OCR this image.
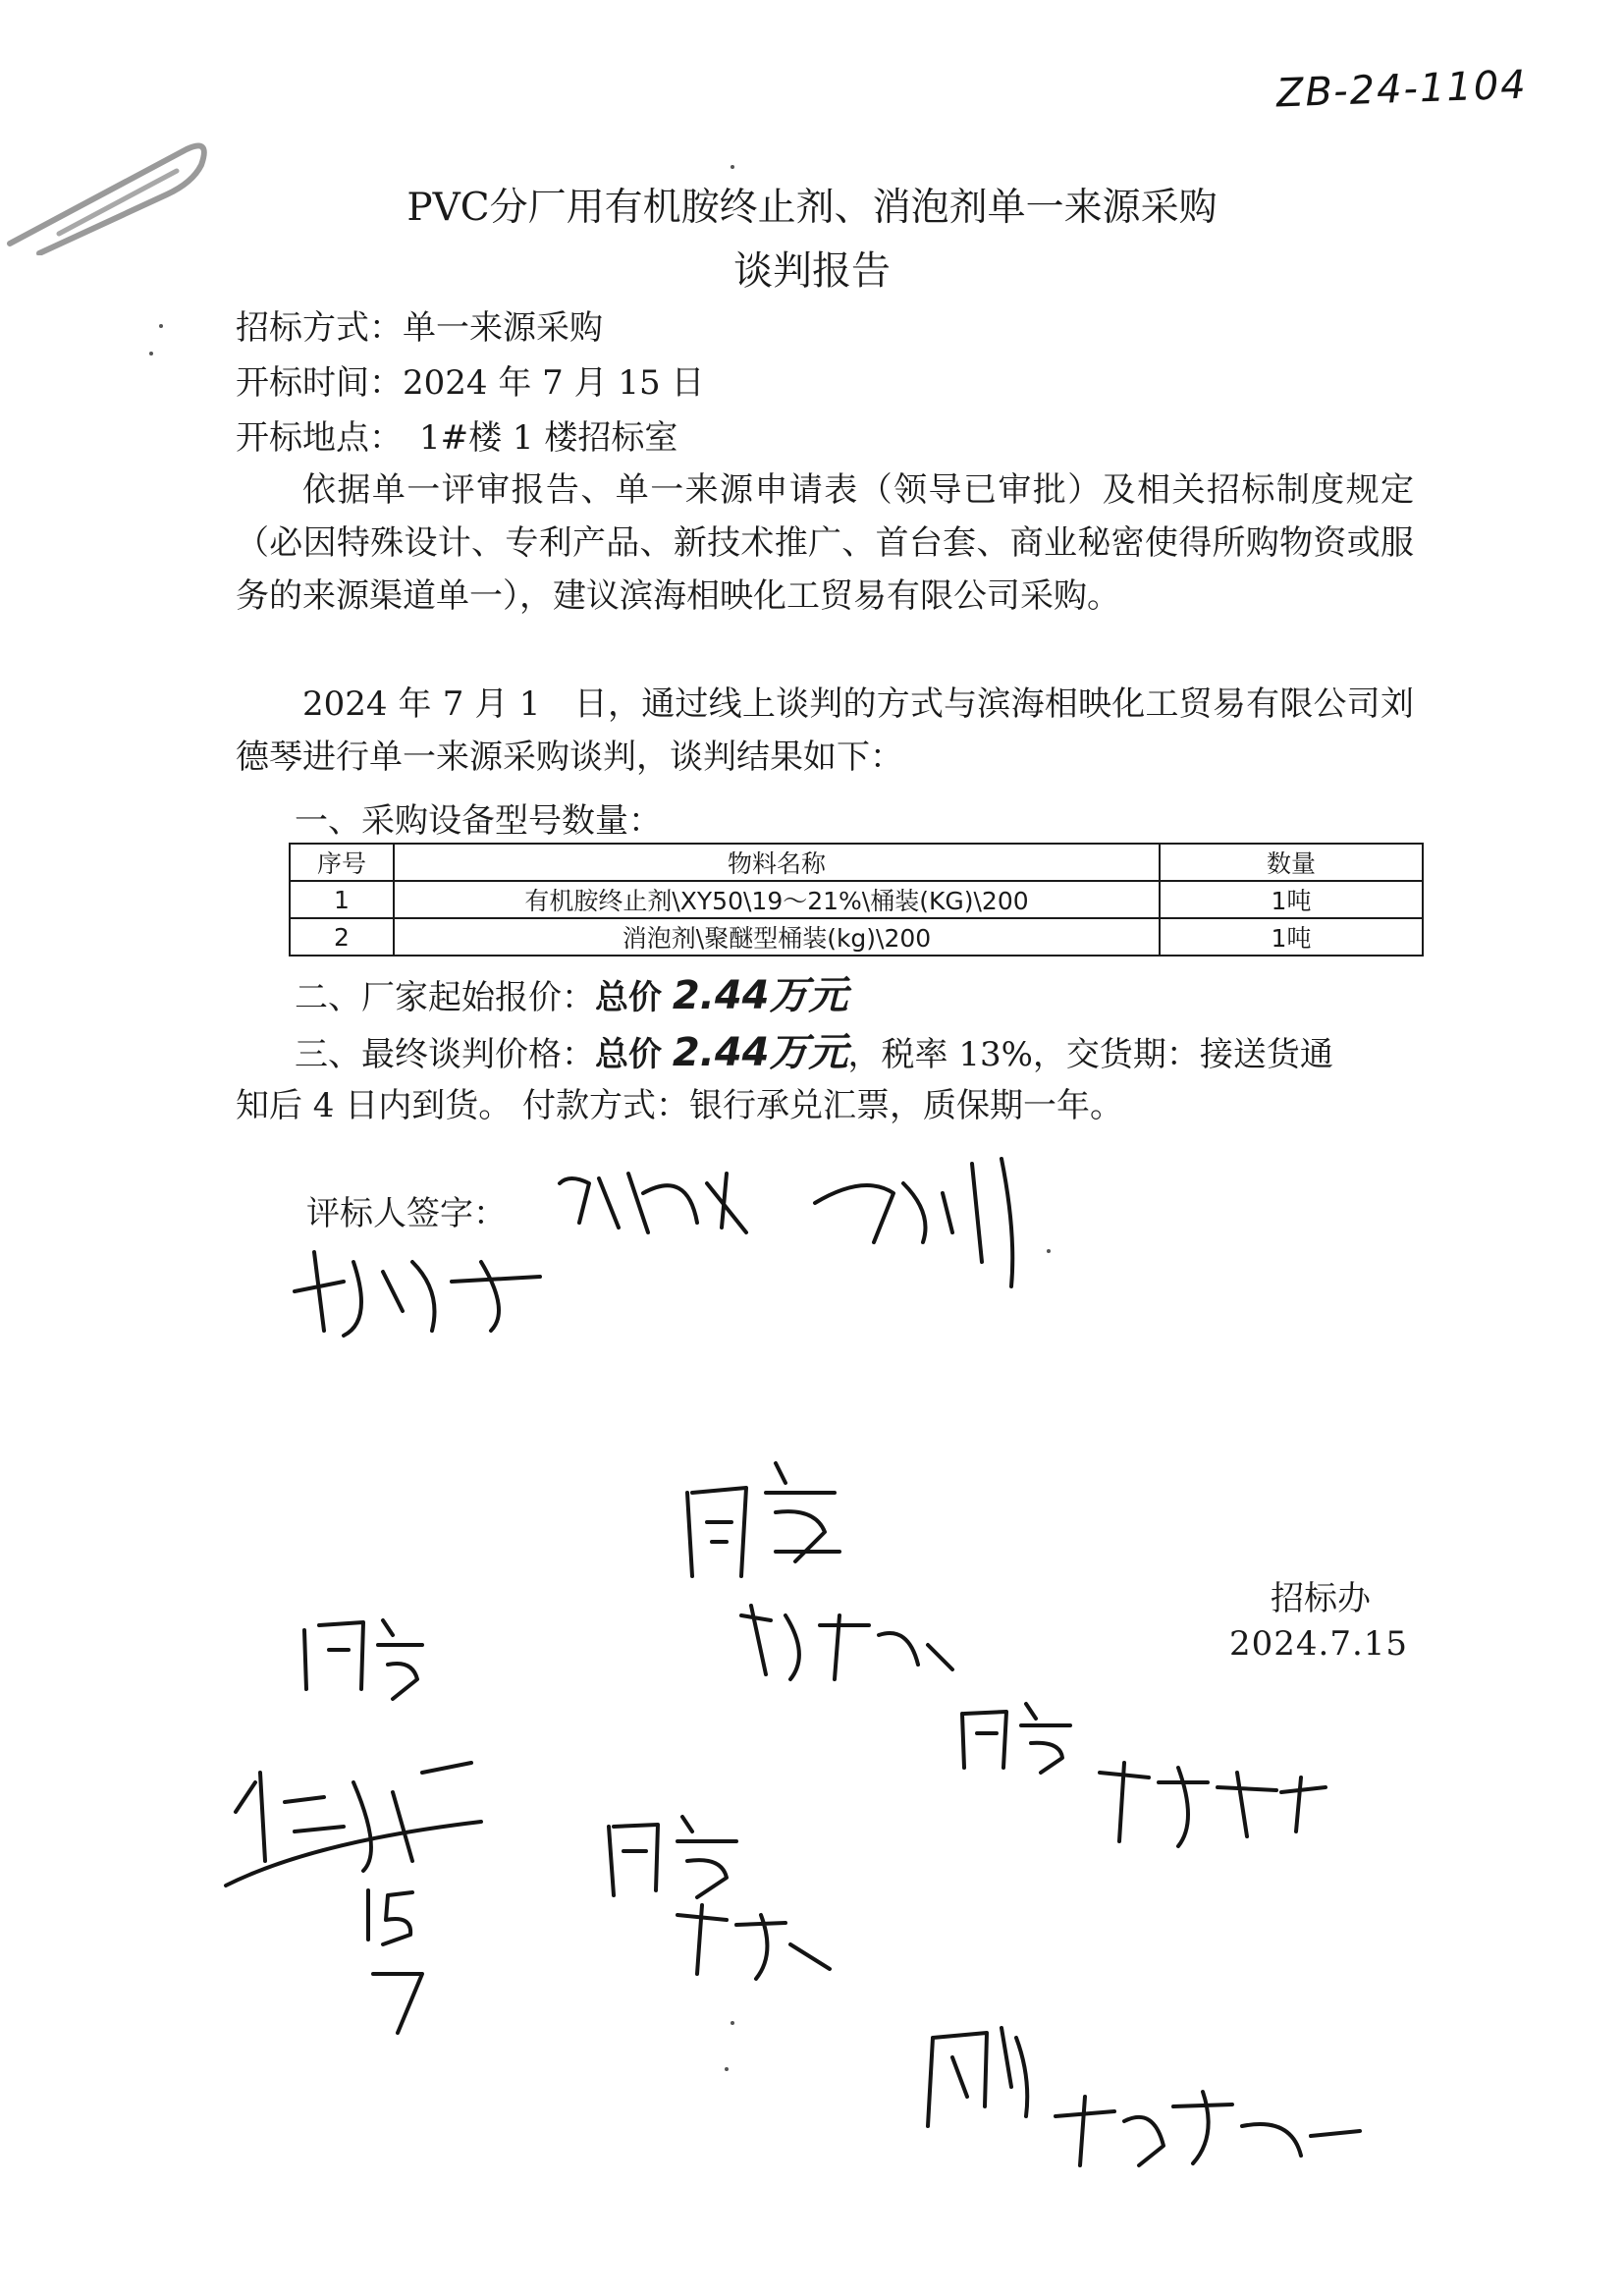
ZB-24-1104
PVC分厂用有机胺终止剂、消泡剂单一来源采购
谈判报告
招标方式：单一来源采购
开标时间：2024 年 7 月 15 日
开标地点：　1#楼 1 楼招标室
依据单一评审报告、单一来源申请表（领导已审批）及相关招标制度规定（必因特殊设计、专利产品、新技术推广、首台套、商业秘密使得所购物资或服务的来源渠道单一），建议滨海相映化工贸易有限公司采购。
2024 年 7 月 1　日，通过线上谈判的方式与滨海相映化工贸易有限公司刘德琴进行单一来源采购谈判，谈判结果如下：
一、采购设备型号数量：
序号	物料名称	数量
1	有机胺终止剂\XY50\19～21%\桶装(KG)\200	1吨
2	消泡剂\聚醚型桶装(kg)\200	1吨
二、厂家起始报价：总价 2.44万元
三、最终谈判价格：总价 2.44万元，税率 13%，交货期：接送货通
知后 4 日内到货。 付款方式：银行承兑汇票，质保期一年。
评标人签字：
招标办
2024.7.15
